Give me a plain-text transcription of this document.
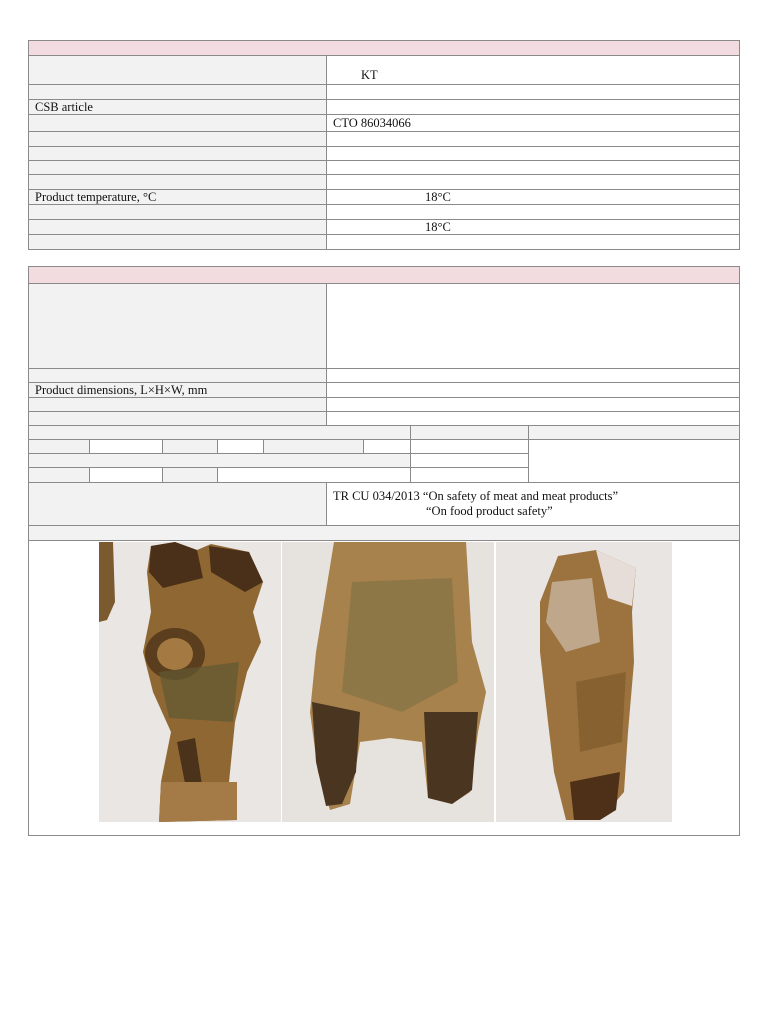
KT
CSB article
CTO 86034066
Product temperature, °C	18°C
18°C
Product dimensions, L×H×W, mm
TR CU 034/2013 “On safety of meat and meat products”
“On food product safety”
